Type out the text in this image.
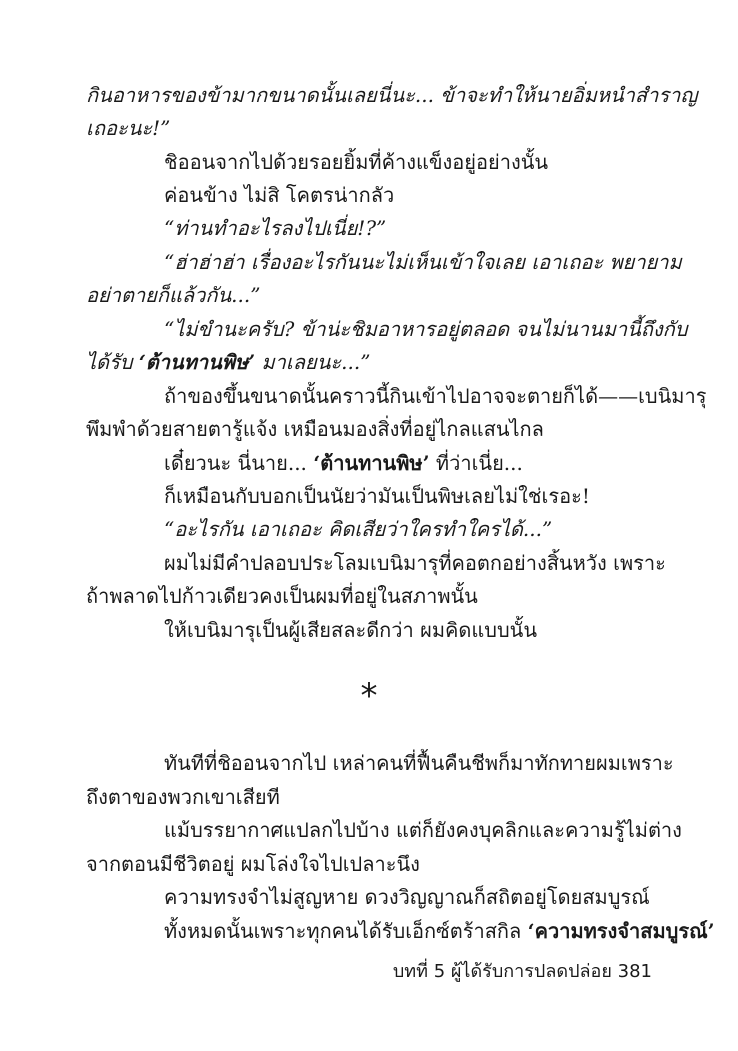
กินอาหารของข้ามากขนาดนั้นเลยนี่นะ... ข้าจะทำให้นายอิ่มหนำสำราญ
เถอะนะ!”
ชิออนจากไปด้วยรอยยิ้มที่ค้างแข็งอยู่อย่างนั้น
ค่อนข้าง ไม่สิ โคตรน่ากลัว
“ท่านทำอะไรลงไปเนี่ย!?”
“ฮ่าฮ่าฮ่า เรื่องอะไรกันนะไม่เห็นเข้าใจเลย เอาเถอะ พยายาม
อย่าตายก็แล้วกัน...”
“ไม่ขำนะครับ? ข้าน่ะชิมอาหารอยู่ตลอด จนไม่นานมานี้ถึงกับ
ได้รับ ‘ต้านทานพิษ’ มาเลยนะ...”
ถ้าของขึ้นขนาดนั้นคราวนี้กินเข้าไปอาจจะตายก็ได้——เบนิมารุ
พึมพำด้วยสายตารู้แจ้ง เหมือนมองสิ่งที่อยู่ไกลแสนไกล
เดี๋ยวนะ นี่นาย... ‘ต้านทานพิษ’ ที่ว่าเนี่ย...
ก็เหมือนกับบอกเป็นนัยว่ามันเป็นพิษเลยไม่ใช่เรอะ!
“อะไรกัน เอาเถอะ คิดเสียว่าใครทำใครได้...”
ผมไม่มีคำปลอบประโลมเบนิมารุที่คอตกอย่างสิ้นหวัง เพราะ
ถ้าพลาดไปก้าวเดียวคงเป็นผมที่อยู่ในสภาพนั้น
ให้เบนิมารุเป็นผู้เสียสละดีกว่า ผมคิดแบบนั้น
*
ทันทีที่ชิออนจากไป เหล่าคนที่ฟื้นคืนชีพก็มาทักทายผมเพราะ
ถึงตาของพวกเขาเสียที
แม้บรรยากาศแปลกไปบ้าง แต่ก็ยังคงบุคลิกและความรู้ไม่ต่าง
จากตอนมีชีวิตอยู่ ผมโล่งใจไปเปลาะนึง
ความทรงจำไม่สูญหาย ดวงวิญญาณก็สถิตอยู่โดยสมบูรณ์
ทั้งหมดนั้นเพราะทุกคนได้รับเอ็กซ์ตร้าสกิล ‘ความทรงจำสมบูรณ์’
บทที่ 5 ผู้ได้รับการปลดปล่อย 381
